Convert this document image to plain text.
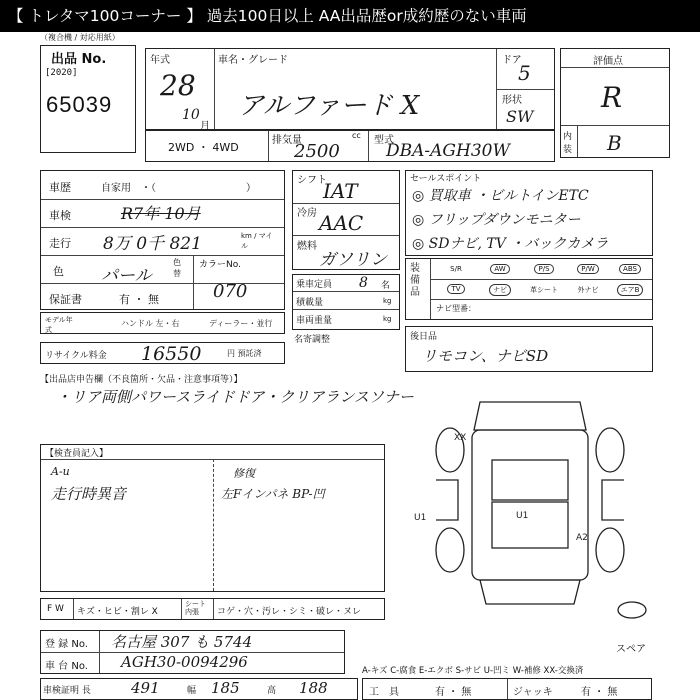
【 トレタマ100コーナー 】 過去100日以上 AA出品歴or成約歴のない車両
（複合機 / 対応用紙）
出品 No.
[2020]
65039
年式
28
10
月
車名・グレード
アルファード X
ドア
5
形状
SW
評価点
R
内装 B
2WD ・ 4WD
排気量	cc
2500
型式
DBA-AGH30W
車歴	自家用 ・（　　　　　　　　　）
車検	R7年 10月
走行 8万 0千 821	km / マイル
色 パール
色替
カラーNo.
070
保証書	有 ・ 無
モデル年式
ハンドル 左・右	ディーラー・並行
シフト
IAT
冷房 AAC
燃料
ガソリン
乗車定員 8 名
積載量	kg
車両重量	kg
名寄調整
セールスポイント
◎ 買取車 ・ビルトインETC
◎ フリップダウンモニター
◎ SDナビ, TV ・バックカメラ
装備品
S/R	AW	P/S	P/W	ABS
TV	ナビ	革シート	外ナビ	エアB
ナビ型番：
後日品
リモコン、ナビSD
リサイクル料金 16550	円 預託済
【出品店申告欄（不良箇所・欠品・注意事項等）】
・リア両側パワースライドドア・クリアランスソナー
【検査員記入】
A-u
走行時異音
修復
左Fインパネ BP-凹
XX
U1
A2
U1
スペア
F W キズ・ヒビ・割レ X
シート内張	コゲ・穴・汚レ・シミ・破レ・ヌレ
登 録 No. 名古屋 307 も 5744
車 台 No. AGH30-0094296
車検証明 長	491	幅 185	高 188
A-キズ C-腐食 E-エクボ S-サビ U-凹ミ W-補修 XX-交換済
工　具	有 ・ 無	ジャッキ	有 ・ 無
